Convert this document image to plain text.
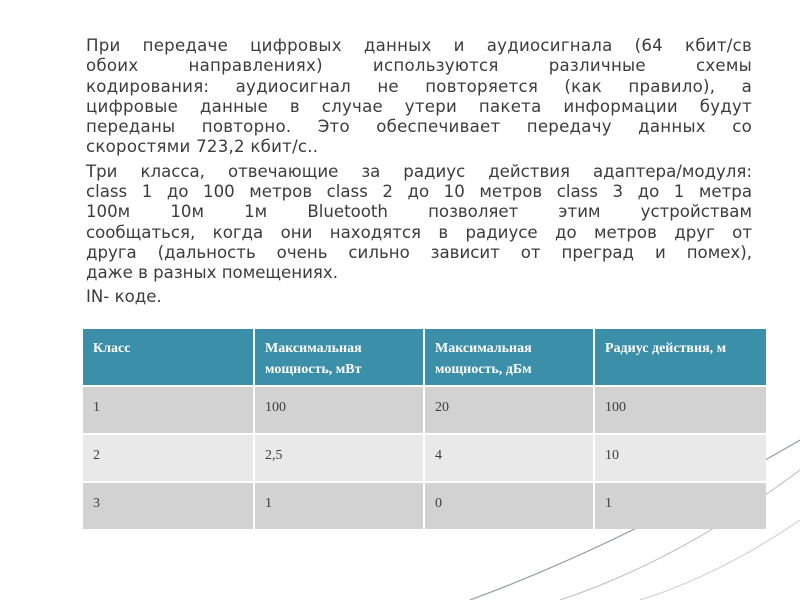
При передаче цифровых данных и аудиосигнала (64 кбит/св
обоих направлениях) используются различные схемы
кодирования: аудиосигнал не повторяется (как правило), а
цифровые данные в случае утери пакета информации будут
переданы повторно. Это обеспечивает передачу данных со
скоростями 723,2 кбит/с..

Три класса, отвечающие за радиус действия адаптера/модуля:
class 1 до 100 метров class 2 до 10 метров class 3 до 1 метра
100м 10м 1м Bluetooth позволяет этим устройствам
сообщаться, когда они находятся в радиусе до метров друг от
друга (дальность очень сильно зависит от преград и помех),
даже в разных помещениях.

IN- коде.

Класс	Максимальная мощность, мВт	Максимальная мощность, дБм	Радиус действия, м
1	100	20	100
2	2,5	4	10
3	1	0	1
